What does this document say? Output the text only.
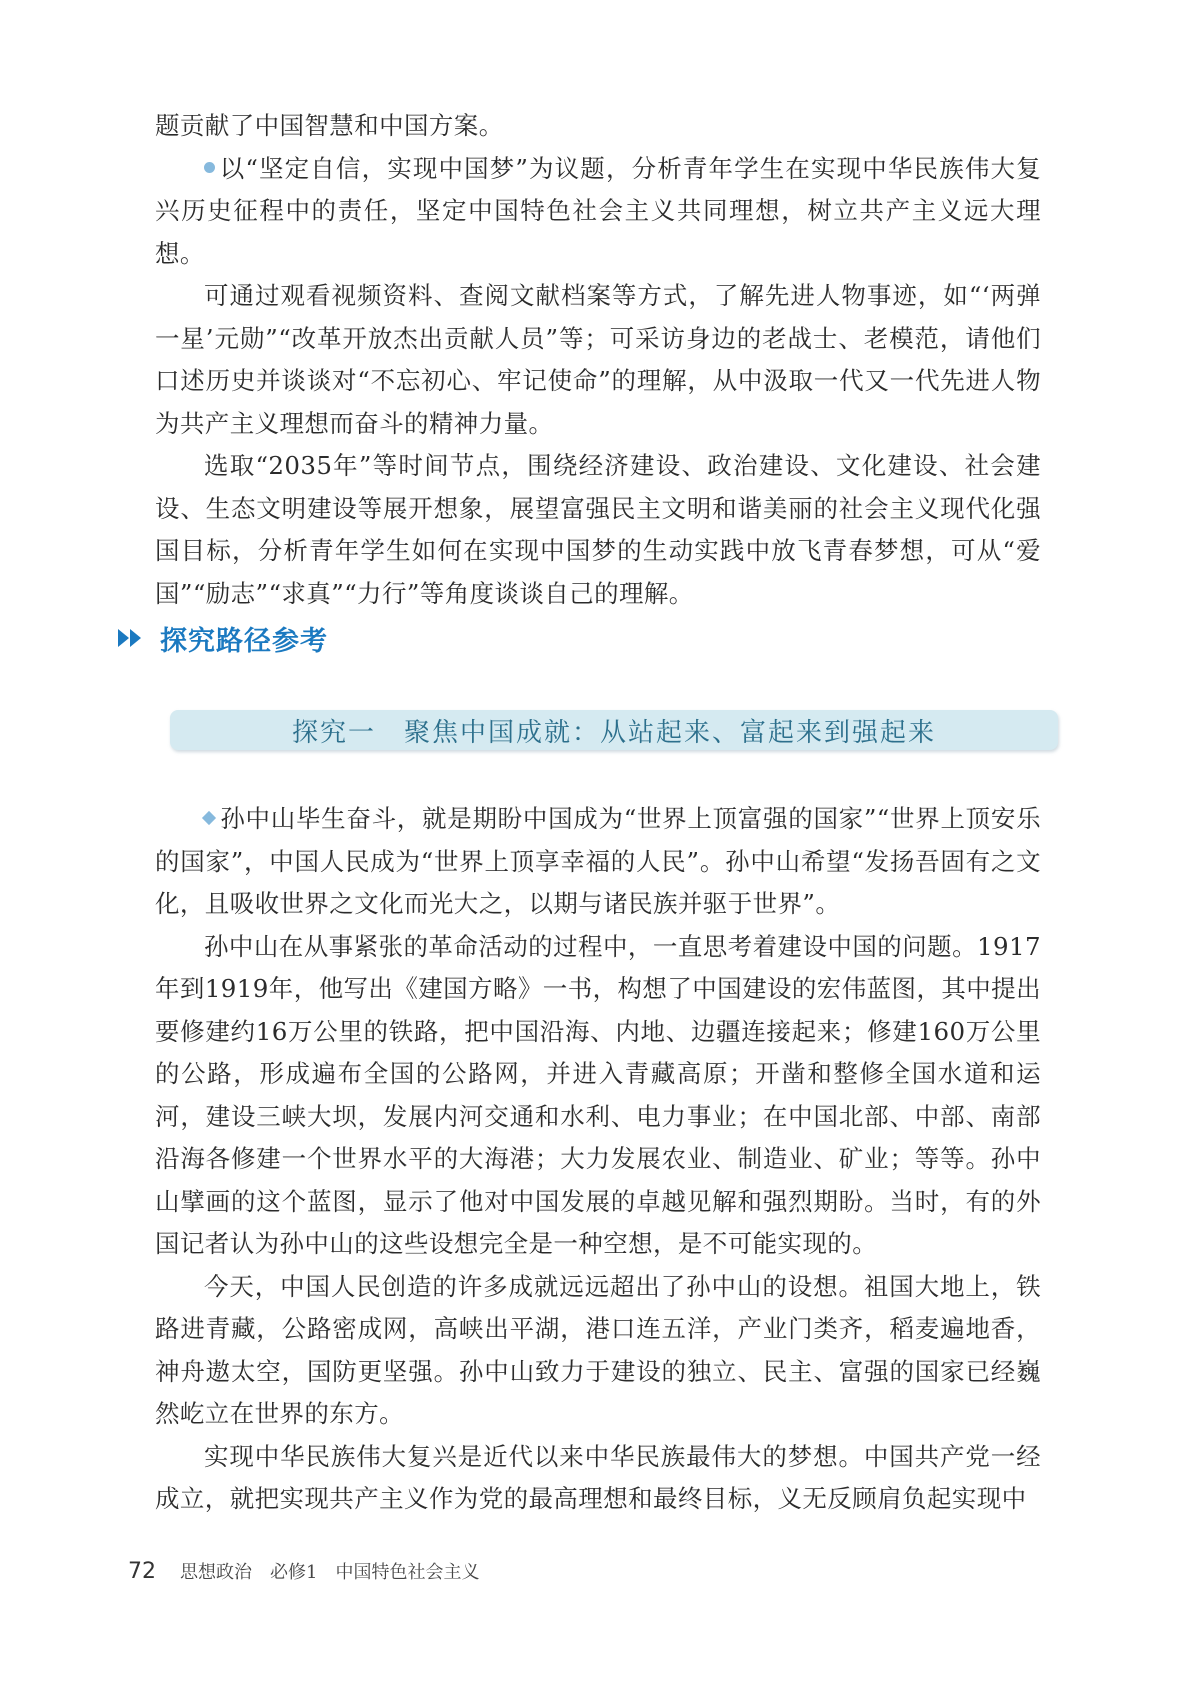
题贡献了中国智慧和中国方案。

以“坚定自信，实现中国梦”为议题，分析青年学生在实现中华民族伟大复兴历史征程中的责任，坚定中国特色社会主义共同理想，树立共产主义远大理想。

可通过观看视频资料、查阅文献档案等方式，了解先进人物事迹，如“‘两弹一星’元勋”“改革开放杰出贡献人员”等；可采访身边的老战士、老模范，请他们口述历史并谈谈对“不忘初心、牢记使命”的理解，从中汲取一代又一代先进人物为共产主义理想而奋斗的精神力量。

选取“2035年”等时间节点，围绕经济建设、政治建设、文化建设、社会建设、生态文明建设等展开想象，展望富强民主文明和谐美丽的社会主义现代化强国目标，分析青年学生如何在实现中国梦的生动实践中放飞青春梦想，可从“爱国”“励志”“求真”“力行”等角度谈谈自己的理解。

探究路径参考
探究一　聚焦中国成就：从站起来、富起来到强起来

孙中山毕生奋斗，就是期盼中国成为“世界上顶富强的国家”“世界上顶安乐的国家”，中国人民成为“世界上顶享幸福的人民”。孙中山希望“发扬吾固有之文化，且吸收世界之文化而光大之，以期与诸民族并驱于世界”。

孙中山在从事紧张的革命活动的过程中，一直思考着建设中国的问题。1917年到1919年，他写出《建国方略》一书，构想了中国建设的宏伟蓝图，其中提出要修建约16万公里的铁路，把中国沿海、内地、边疆连接起来；修建160万公里的公路，形成遍布全国的公路网，并进入青藏高原；开凿和整修全国水道和运河，建设三峡大坝，发展内河交通和水利、电力事业；在中国北部、中部、南部沿海各修建一个世界水平的大海港；大力发展农业、制造业、矿业；等等。孙中山擘画的这个蓝图，显示了他对中国发展的卓越见解和强烈期盼。当时，有的外国记者认为孙中山的这些设想完全是一种空想，是不可能实现的。

今天，中国人民创造的许多成就远远超出了孙中山的设想。祖国大地上，铁路进青藏，公路密成网，高峡出平湖，港口连五洋，产业门类齐，稻麦遍地香，神舟遨太空，国防更坚强。孙中山致力于建设的独立、民主、富强的国家已经巍然屹立在世界的东方。

实现中华民族伟大复兴是近代以来中华民族最伟大的梦想。中国共产党一经成立，就把实现共产主义作为党的最高理想和最终目标，义无反顾肩负起实现中

72 思想政治　必修1　中国特色社会主义
